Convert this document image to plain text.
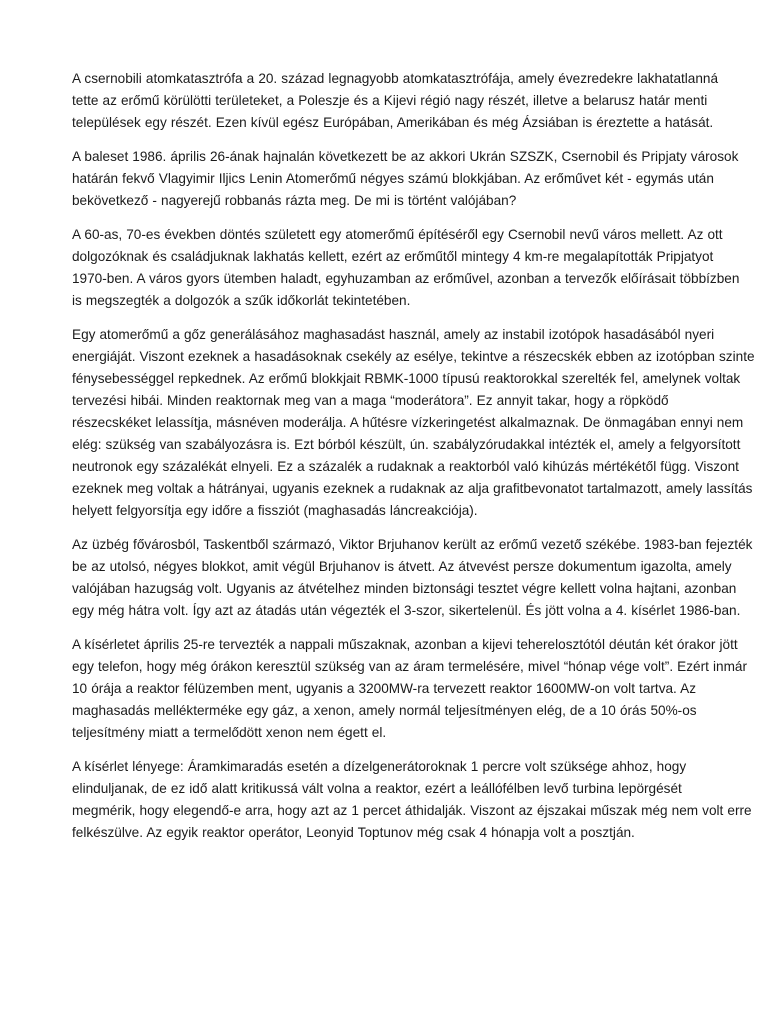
A csernobili atomkatasztrófa a 20. század legnagyobb atomkatasztrófája, amely évezredekre lakhatatlanná
tette az erőmű körülötti területeket, a Poleszje és a Kijevi régió nagy részét, illetve a belarusz határ menti
települések egy részét. Ezen kívül egész Európában, Amerikában és még Ázsiában is éreztette a hatását.
A baleset 1986. április 26-ának hajnalán következett be az akkori Ukrán SZSZK, Csernobil és Pripjaty városok
határán fekvő Vlagyimir Iljics Lenin Atomerőmű négyes számú blokkjában. Az erőművet két - egymás után
bekövetkező - nagyerejű robbanás rázta meg. De mi is történt valójában?
A 60-as, 70-es években döntés született egy atomerőmű építéséről egy Csernobil nevű város mellett. Az ott
dolgozóknak és családjuknak lakhatás kellett, ezért az erőműtől mintegy 4 km-re megalapították Pripjatyot
1970-ben. A város gyors ütemben haladt, egyhuzamban az erőművel, azonban a tervezők előírásait többízben
is megszegték a dolgozók a szűk időkorlát tekintetében.
Egy atomerőmű a gőz generálásához maghasadást használ, amely az instabil izotópok hasadásából nyeri
energiáját. Viszont ezeknek a hasadásoknak csekély az esélye, tekintve a részecskék ebben az izotópban szinte
fénysebességgel repkednek. Az erőmű blokkjait RBMK-1000 típusú reaktorokkal szerelték fel, amelynek voltak
tervezési hibái. Minden reaktornak meg van a maga “moderátora”. Ez annyit takar, hogy a röpködő
részecskéket lelassítja, másnéven moderálja. A hűtésre vízkeringetést alkalmaznak. De önmagában ennyi nem
elég: szükség van szabályozásra is. Ezt bórból készült, ún. szabályzórudakkal intézték el, amely a felgyorsított
neutronok egy százalékát elnyeli. Ez a százalék a rudaknak a reaktorból való kihúzás mértékétől függ. Viszont
ezeknek meg voltak a hátrányai, ugyanis ezeknek a rudaknak az alja grafitbevonatot tartalmazott, amely lassítás
helyett felgyorsítja egy időre a fissziót (maghasadás láncreakciója).
Az üzbég fővárosból, Taskentből származó, Viktor Brjuhanov került az erőmű vezető székébe. 1983-ban fejezték
be az utolsó, négyes blokkot, amit végül Brjuhanov is átvett. Az átvevést persze dokumentum igazolta, amely
valójában hazugság volt. Ugyanis az átvételhez minden biztonsági tesztet végre kellett volna hajtani, azonban
egy még hátra volt. Így azt az átadás után végezték el 3-szor, sikertelenül. És jött volna a 4. kísérlet 1986-ban.
A kísérletet április 25-re tervezték a nappali műszaknak, azonban a kijevi teherelosztótól déután két órakor jött
egy telefon, hogy még órákon keresztül szükség van az áram termelésére, mivel “hónap vége volt”. Ezért inmár
10 órája a reaktor félüzemben ment, ugyanis a 3200MW-ra tervezett reaktor 1600MW-on volt tartva. Az
maghasadás mellékterméke egy gáz, a xenon, amely normál teljesítményen elég, de a 10 órás 50%-os
teljesítmény miatt a termelődött xenon nem égett el.
A kísérlet lényege: Áramkimaradás esetén a dízelgenerátoroknak 1 percre volt szüksége ahhoz, hogy
elinduljanak, de ez idő alatt kritikussá vált volna a reaktor, ezért a leállófélben levő turbina lepörgését
megmérik, hogy elegendő-e arra, hogy azt az 1 percet áthidalják. Viszont az éjszakai műszak még nem volt erre
felkészülve. Az egyik reaktor operátor, Leonyid Toptunov még csak 4 hónapja volt a posztján.
